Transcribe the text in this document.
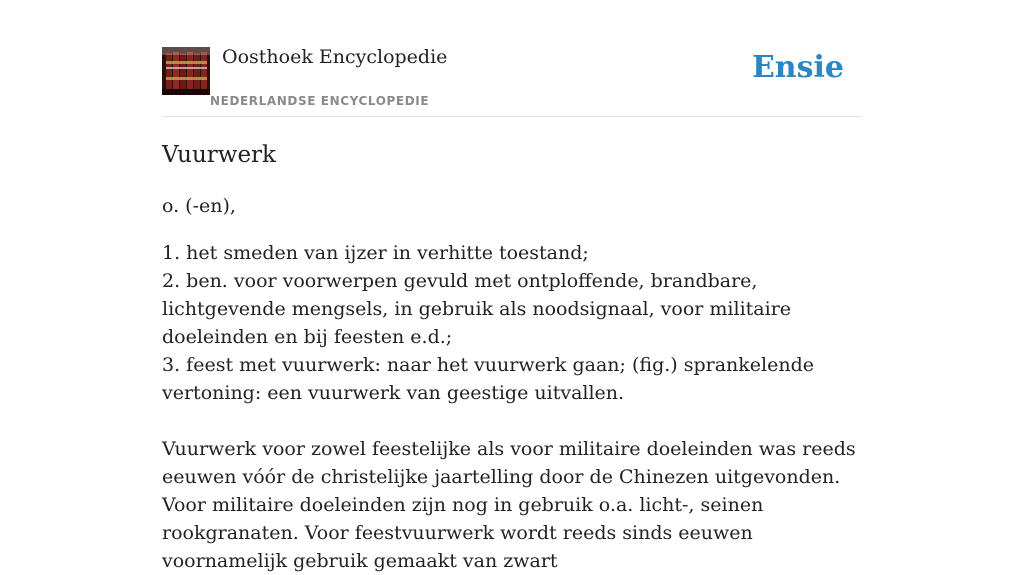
Oosthoek Encyclopedie
NEDERLANDSE ENCYCLOPEDIE
Ensie
Vuurwerk

o. (-en),

1. het smeden van ijzer in verhitte toestand;
2. ben. voor voorwerpen gevuld met ontploffende, brandbare, lichtgevende mengsels, in gebruik als noodsignaal, voor militaire doeleinden en bij feesten e.d.;
3. feest met vuurwerk: naar het vuurwerk gaan; (fig.) sprankelende vertoning: een vuurwerk van geestige uitvallen.

Vuurwerk voor zowel feestelijke als voor militaire doeleinden was reeds eeuwen vóór de christelijke jaartelling door de Chinezen uitgevonden. Voor militaire doeleinden zijn nog in gebruik o.a. licht-, seinen rookgranaten. Voor feestvuurwerk wordt reeds sinds eeuwen voornamelijk gebruik gemaakt van zwart
